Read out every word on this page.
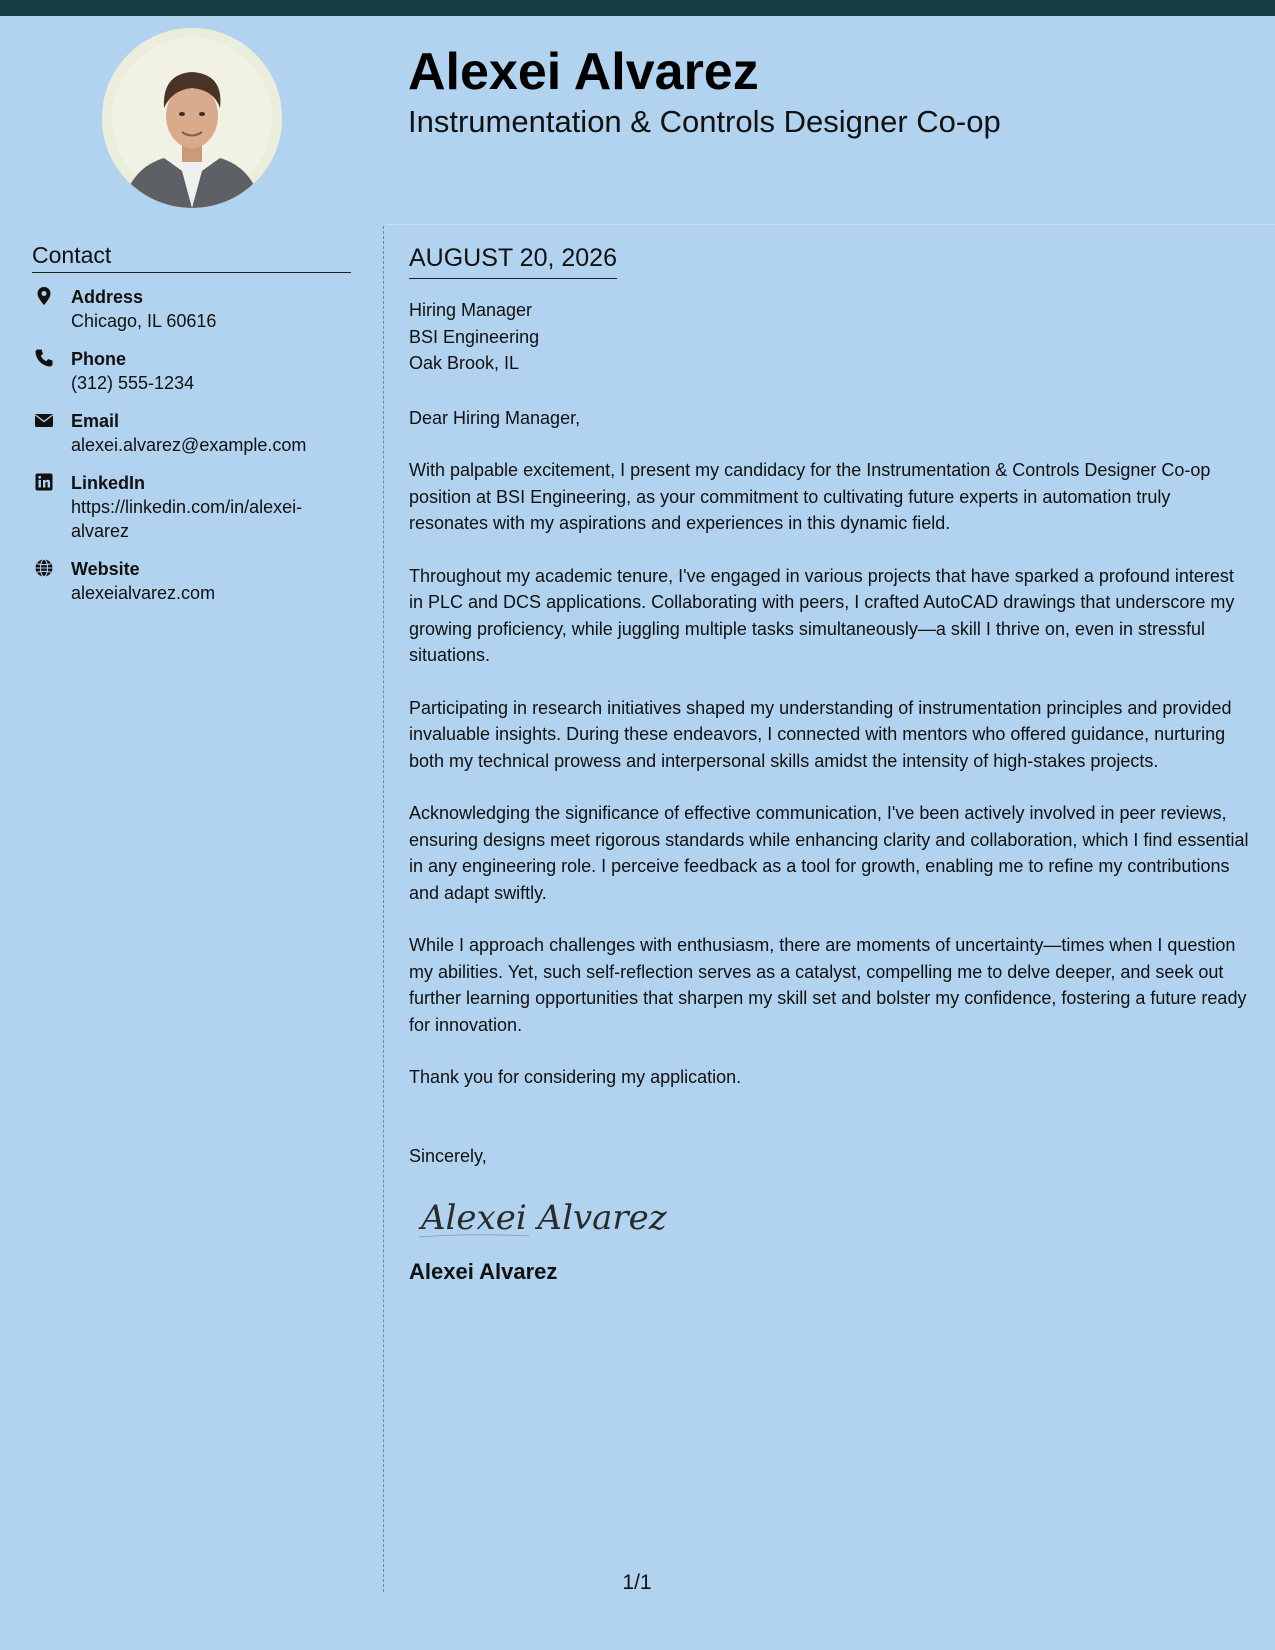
Alexei Alvarez
Instrumentation & Controls Designer Co-op
Contact
Address
Chicago, IL 60616
Phone
(312) 555-1234
Email
alexei.alvarez@example.com
LinkedIn
https://linkedin.com/in/alexei-alvarez
Website
alexeialvarez.com
AUGUST 20, 2026
Hiring Manager
BSI Engineering
Oak Brook, IL
Dear Hiring Manager,
With palpable excitement, I present my candidacy for the Instrumentation & Controls Designer Co-op position at BSI Engineering, as your commitment to cultivating future experts in automation truly resonates with my aspirations and experiences in this dynamic field.
Throughout my academic tenure, I've engaged in various projects that have sparked a profound interest in PLC and DCS applications. Collaborating with peers, I crafted AutoCAD drawings that underscore my growing proficiency, while juggling multiple tasks simultaneously—a skill I thrive on, even in stressful situations.
Participating in research initiatives shaped my understanding of instrumentation principles and provided invaluable insights. During these endeavors, I connected with mentors who offered guidance, nurturing both my technical prowess and interpersonal skills amidst the intensity of high-stakes projects.
Acknowledging the significance of effective communication, I've been actively involved in peer reviews, ensuring designs meet rigorous standards while enhancing clarity and collaboration, which I find essential in any engineering role. I perceive feedback as a tool for growth, enabling me to refine my contributions and adapt swiftly.
While I approach challenges with enthusiasm, there are moments of uncertainty—times when I question my abilities. Yet, such self-reflection serves as a catalyst, compelling me to delve deeper, and seek out further learning opportunities that sharpen my skill set and bolster my confidence, fostering a future ready for innovation.
Thank you for considering my application.
Sincerely,
Alexei Alvarez
Alexei Alvarez
1/1
